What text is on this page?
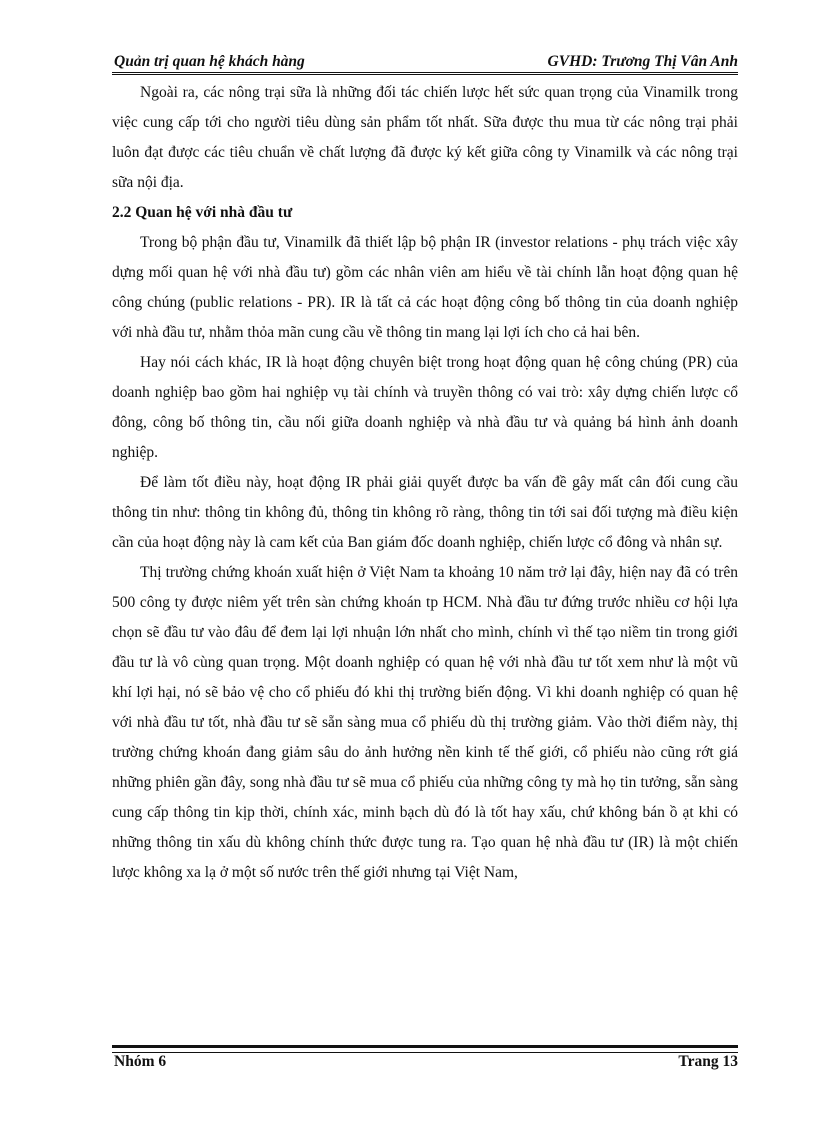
Quản trị quan hệ khách hàng	GVHD: Trương Thị Vân Anh

Ngoài ra, các nông trại sữa là những đối tác chiến lược hết sức quan trọng của Vinamilk trong việc cung cấp tới cho người tiêu dùng sản phẩm tốt nhất. Sữa được thu mua từ các nông trại phải luôn đạt được các tiêu chuẩn về chất lượng đã được ký kết giữa công ty Vinamilk và các nông trại sữa nội địa.

2.2 Quan hệ với nhà đầu tư

Trong bộ phận đầu tư, Vinamilk đã thiết lập bộ phận IR (investor relations - phụ trách việc xây dựng mối quan hệ với nhà đầu tư) gồm các nhân viên am hiểu về tài chính lẫn hoạt động quan hệ công chúng (public relations - PR). IR là tất cả các hoạt động công bố thông tin của doanh nghiệp với nhà đầu tư, nhằm thỏa mãn cung cầu về thông tin mang lại lợi ích cho cả hai bên.

Hay nói cách khác, IR là hoạt động chuyên biệt trong hoạt động quan hệ công chúng (PR) của doanh nghiệp bao gồm hai nghiệp vụ tài chính và truyền thông có vai trò: xây dựng chiến lược cổ đông, công bố thông tin, cầu nối giữa doanh nghiệp và nhà đầu tư và quảng bá hình ảnh doanh nghiệp.

Để làm tốt điều này, hoạt động IR phải giải quyết được ba vấn đề gây mất cân đối cung cầu thông tin như: thông tin không đủ, thông tin không rõ ràng, thông tin tới sai đối tượng mà điều kiện cần của hoạt động này là cam kết của Ban giám đốc doanh nghiệp, chiến lược cổ đông và nhân sự.

Thị trường chứng khoán xuất hiện ở Việt Nam ta khoảng 10 năm trở lại đây, hiện nay đã có trên 500 công ty được niêm yết trên sàn chứng khoán tp HCM. Nhà đầu tư đứng trước nhiều cơ hội lựa chọn sẽ đầu tư vào đâu để đem lại lợi nhuận lớn nhất cho mình, chính vì thế tạo niềm tin trong giới đầu tư là vô cùng quan trọng. Một doanh nghiệp có quan hệ với nhà đầu tư tốt xem như là một vũ khí lợi hại, nó sẽ bảo vệ cho cổ phiếu đó khi thị trường biến động. Vì khi doanh nghiệp có quan hệ với nhà đầu tư tốt, nhà đầu tư sẽ sẵn sàng mua cổ phiếu dù thị trường giảm. Vào thời điểm này, thị trường chứng khoán đang giảm sâu do ảnh hưởng nền kinh tế thế giới, cổ phiếu nào cũng rớt giá những phiên gần đây, song nhà đầu tư sẽ mua cổ phiếu của những công ty mà họ tin tưởng, sẵn sàng cung cấp thông tin kịp thời, chính xác, minh bạch dù đó là tốt hay xấu, chứ không bán ồ ạt khi có những thông tin xấu dù không chính thức được tung ra. Tạo quan hệ nhà đầu tư (IR) là một chiến lược không xa lạ ở một số nước trên thế giới nhưng tại Việt Nam,

Nhóm 6	Trang 13
